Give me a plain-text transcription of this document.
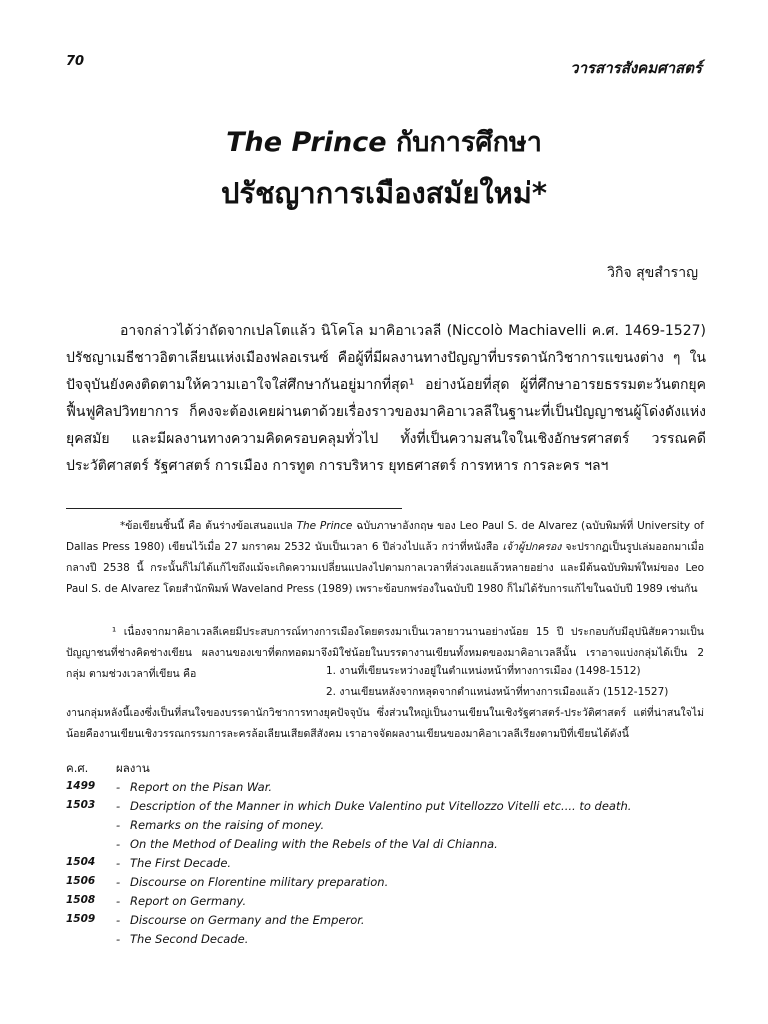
70	วารสารสังคมศาสตร์
The Prince กับการศึกษา
ปรัชญาการเมืองสมัยใหม่*
วิกิจ สุขสำราญ
อาจกล่าวได้ว่าถัดจากเปลโตแล้ว นิโคโล มาคิอาเวลลี (Niccolò Machiavelli ค.ศ. 1469-1527) ปรัชญาเมธีชาวอิตาเลียนแห่งเมืองฟลอเรนซ์ คือผู้ที่มีผลงานทางปัญญาที่บรรดานักวิชาการแขนงต่าง ๆ ในปัจจุบันยังคงติดตามให้ความเอาใจใส่ศึกษากันอยู่มากที่สุด¹ อย่างน้อยที่สุด ผู้ที่ศึกษาอารยธรรมตะวันตกยุคฟื้นฟูศิลปวิทยาการ ก็คงจะต้องเคยผ่านตาด้วยเรื่องราวของมาคิอาเวลลีในฐานะที่เป็นปัญญาชนผู้โด่งดังแห่งยุคสมัย และมีผลงานทางความคิดครอบคลุมทั่วไป ทั้งที่เป็นความสนใจในเชิงอักษรศาสตร์ วรรณคดี ประวัติศาสตร์ รัฐศาสตร์ การเมือง การทูต การบริหาร ยุทธศาสตร์ การทหาร การละคร ฯลฯ
*ข้อเขียนชิ้นนี้ คือ ต้นร่างข้อเสนอแปล The Prince ฉบับภาษาอังกฤษ ของ Leo Paul S. de Alvarez (ฉบับพิมพ์ที่ University of Dallas Press 1980) เขียนไว้เมื่อ 27 มกราคม 2532 นับเป็นเวลา 6 ปีล่วงไปแล้ว กว่าที่หนังสือ เจ้าผู้ปกครอง จะปรากฏเป็นรูปเล่มออกมาเมื่อกลางปี 2538 นี้ กระนั้นก็ไม่ได้แก้ไขถึงแม้จะเกิดความเปลี่ยนแปลงไปตามกาลเวลาที่ล่วงเลยแล้วหลายอย่าง และมีต้นฉบับพิมพ์ใหม่ของ Leo Paul S. de Alvarez โดยสำนักพิมพ์ Waveland Press (1989) เพราะข้อบกพร่องในฉบับปี 1980 ก็ไม่ได้รับการแก้ไขในฉบับปี 1989 เช่นกัน
¹ เนื่องจากมาคิอาเวลลีเคยมีประสบการณ์ทางการเมืองโดยตรงมาเป็นเวลายาวนานอย่างน้อย 15 ปี ประกอบกับมีอุปนิสัยความเป็นปัญญาชนที่ช่างคิดช่างเขียน ผลงานของเขาที่ตกทอดมาจึงมิใช่น้อยในบรรดางานเขียนทั้งหมดของมาคิอาเวลลีนั้น เราอาจแบ่งกลุ่มได้เป็น 2 กลุ่ม ตามช่วงเวลาที่เขียน คือ	1. งานที่เขียนระหว่างอยู่ในตำแหน่งหน้าที่ทางการเมือง (1498-1512)
2. งานเขียนหลังจากหลุดจากตำแหน่งหน้าที่ทางการเมืองแล้ว (1512-1527)
งานกลุ่มหลังนี้เองซึ่งเป็นที่สนใจของบรรดานักวิชาการทางยุคปัจจุบัน ซึ่งส่วนใหญ่เป็นงานเขียนในเชิงรัฐศาสตร์-ประวัติศาสตร์ แต่ที่น่าสนใจไม่น้อยคืองานเขียนเชิงวรรณกรรมการละครล้อเลียนเสียดสีสังคม เราอาจจัดผลงานเขียนของมาคิอาเวลลีเรียงตามปีที่เขียนได้ดังนี้
ค.ศ.	ผลงาน
1499	- Report on the Pisan War.
1503	- Description of the Manner in which Duke Valentino put Vitellozzo Vitelli etc.... to death.
- Remarks on the raising of money.
- On the Method of Dealing with the Rebels of the Val di Chianna.
1504	- The First Decade.
1506	- Discourse on Florentine military preparation.
1508	- Report on Germany.
1509	- Discourse on Germany and the Emperor.
- The Second Decade.
